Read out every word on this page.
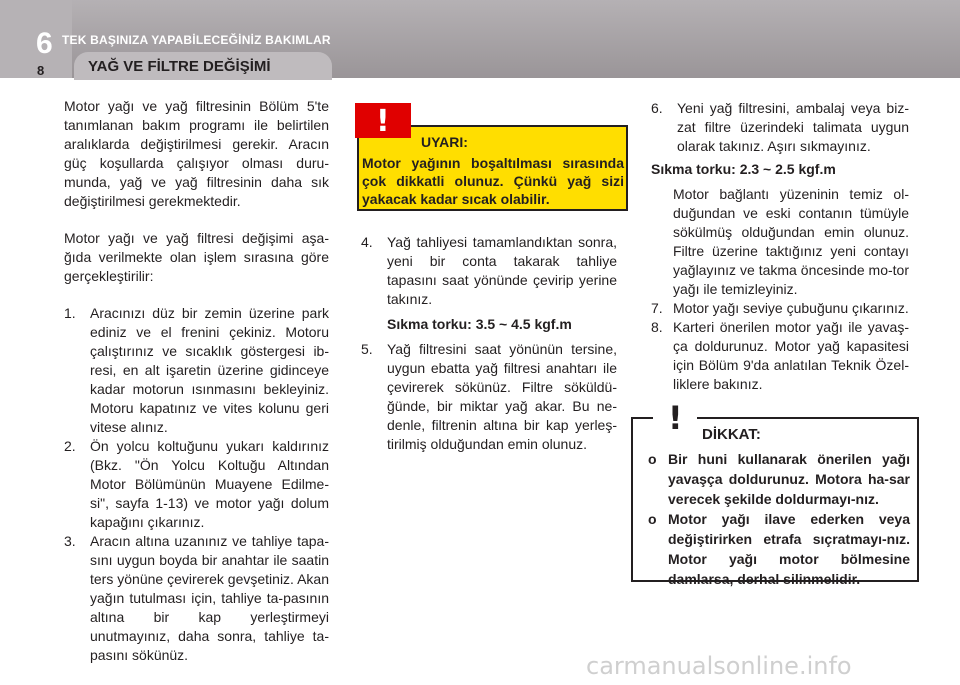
6 TEK BAŞINIZA YAPABİLECEĞİNİZ BAKIMLAR
8	YAĞ VE FİLTRE DEĞİŞİMİ

Motor yağı ve yağ filtresinin Bölüm 5'te tanımlanan bakım programı ile belirtilen aralıklarda değiştirilmesi gerekir. Aracın güç koşullarda çalışıyor olması duru-munda, yağ ve yağ filtresinin daha sık değiştirilmesi gerekmektedir.

Motor yağı ve yağ filtresi değişimi aşa-ğıda verilmekte olan işlem sırasına göre gerçekleştirilir:

1. Aracınızı düz bir zemin üzerine park ediniz ve el frenini çekiniz. Motoru çalıştırınız ve sıcaklık göstergesi ib-resi, en alt işaretin üzerine gidinceye kadar motorun ısınmasını bekleyiniz. Motoru kapatınız ve vites kolunu geri vitese alınız.
2. Ön yolcu koltuğunu yukarı kaldırınız (Bkz. "Ön Yolcu Koltuğu Altından Motor Bölümünün Muayene Edilme-si", sayfa 1-13) ve motor yağı dolum kapağını çıkarınız.
3. Aracın altına uzanınız ve tahliye tapa-sını uygun boyda bir anahtar ile saatin ters yönüne çevirerek gevşetiniz. Akan yağın tutulması için, tahliye ta-pasının altına bir kap yerleştirmeyi unutmayınız, daha sonra, tahliye ta-pasını sökünüz.
UYARI:
Motor yağının boşaltılması sırasında çok dikkatli olunuz. Çünkü yağ sizi yakacak kadar sıcak olabilir.
!
4. Yağ tahliyesi tamamlandıktan sonra, yeni bir conta takarak tahliye tapasını saat yönünde çevirip yerine takınız.
Sıkma torku: 3.5 ~ 4.5 kgf.m
5. Yağ filtresini saat yönünün tersine, uygun ebatta yağ filtresi anahtarı ile çevirerek sökünüz. Filtre söküldü-ğünde, bir miktar yağ akar. Bu ne-denle, filtrenin altına bir kap yerleş-tirilmiş olduğundan emin olunuz.
6. Yeni yağ filtresini, ambalaj veya biz-zat filtre üzerindeki talimata uygun olarak takınız. Aşırı sıkmayınız.
Sıkma torku: 2.3 ~ 2.5 kgf.m
Motor bağlantı yüzeninin temiz ol-duğundan ve eski contanın tümüyle sökülmüş olduğundan emin olunuz. Filtre üzerine taktığınız yeni contayı yağlayınız ve takma öncesinde mo-tor yağı ile temizleyiniz.
7. Motor yağı seviye çubuğunu çıkarınız.
8. Karteri önerilen motor yağı ile yavaş-ça doldurunuz. Motor yağ kapasitesi için Bölüm 9'da anlatılan Teknik Özel-liklere bakınız.
DİKKAT:
o Bir huni kullanarak önerilen yağı yavaşça doldurunuz. Motora ha-sar verecek şekilde doldurmayı-nız.
o Motor yağı ilave ederken veya değiştirirken etrafa sıçratmayı-nız. Motor yağı motor bölmesine damlarsa, derhal silinmelidir.
!
carmanualsonline.info
